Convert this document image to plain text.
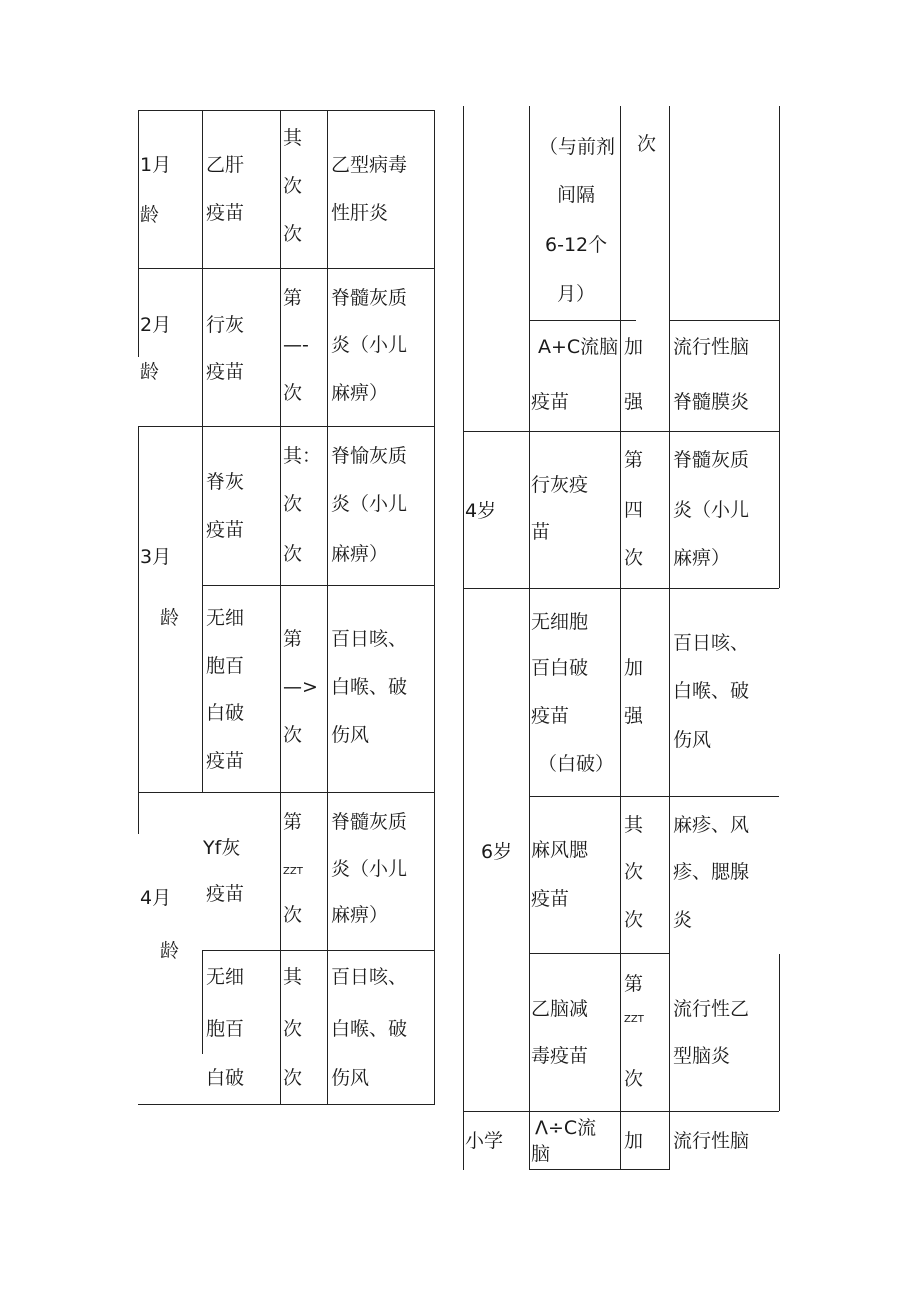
1月
龄
乙肝
疫苗
其
次
次
乙型病毒
性肝炎
2月
龄
行灰
疫苗
第
—-
次
脊髓灰质
炎（小儿
麻痹）
3月
龄
脊灰
疫苗
其：
次
次
脊愉灰质
炎（小儿
麻痹）
无细
胞百
白破
疫苗
第
—>
次
百日咳、
白喉、破
伤风
4月
龄
Yf灰
疫苗
第
ZZT
次
脊髓灰质
炎（小儿
麻痹）
无细
胞百
白破
其
次
次
百日咳、
白喉、破
伤风
（与前剂
间隔
6-12个
月）
次
A+C流脑
疫苗
加
强
流行性脑
脊髓膜炎
4岁
行灰疫
苗
第
四
次
脊髓灰质
炎（小儿
麻痹）
6岁
无细胞
百白破
疫苗
（白破）
加
强
百日咳、
白喉、破
伤风
麻风腮
疫苗
其
次
次
麻疹、风
疹、腮腺
炎
乙脑减
毒疫苗
第
ZZT
次
流行性乙
型脑炎
小学
Λ÷C流
脑
加 流行性脑
